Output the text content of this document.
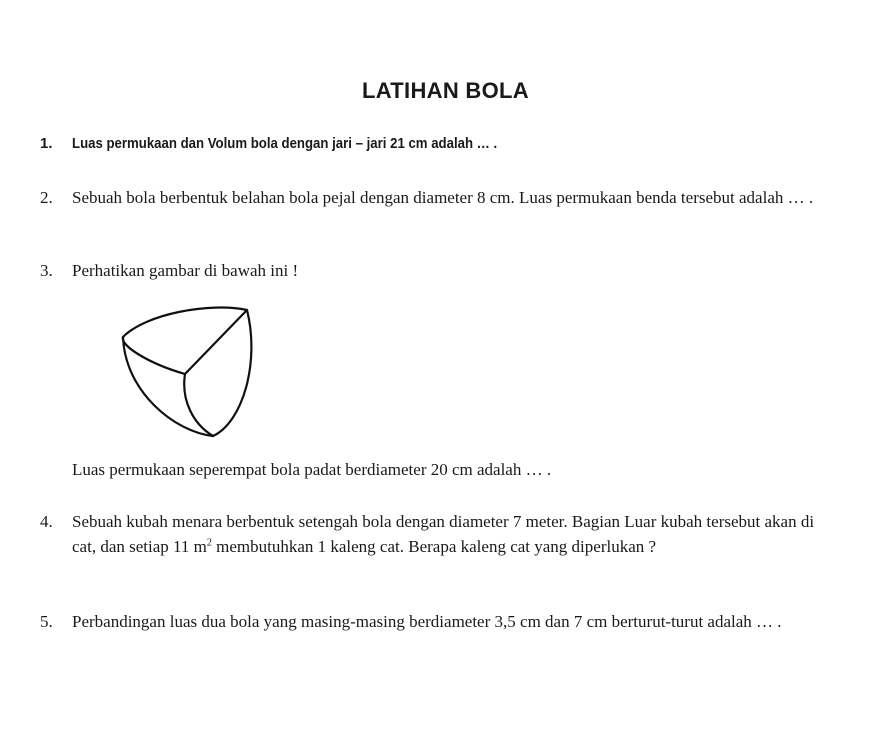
LATIHAN BOLA
1. Luas permukaan dan Volum bola dengan jari – jari 21 cm adalah … .
2. Sebuah bola berbentuk belahan bola pejal dengan diameter 8 cm. Luas permukaan benda tersebut adalah … .
3. Perhatikan gambar di bawah ini !
Luas permukaan seperempat bola padat berdiameter 20 cm adalah … .
4. Sebuah kubah menara berbentuk setengah bola dengan diameter 7 meter. Bagian Luar kubah tersebut akan di cat, dan setiap 11 $m^2$ membutuhkan 1 kaleng cat. Berapa kaleng cat yang diperlukan ?
5. Perbandingan luas dua bola yang masing-masing berdiameter 3,5 cm dan 7 cm berturut-turut adalah … .
